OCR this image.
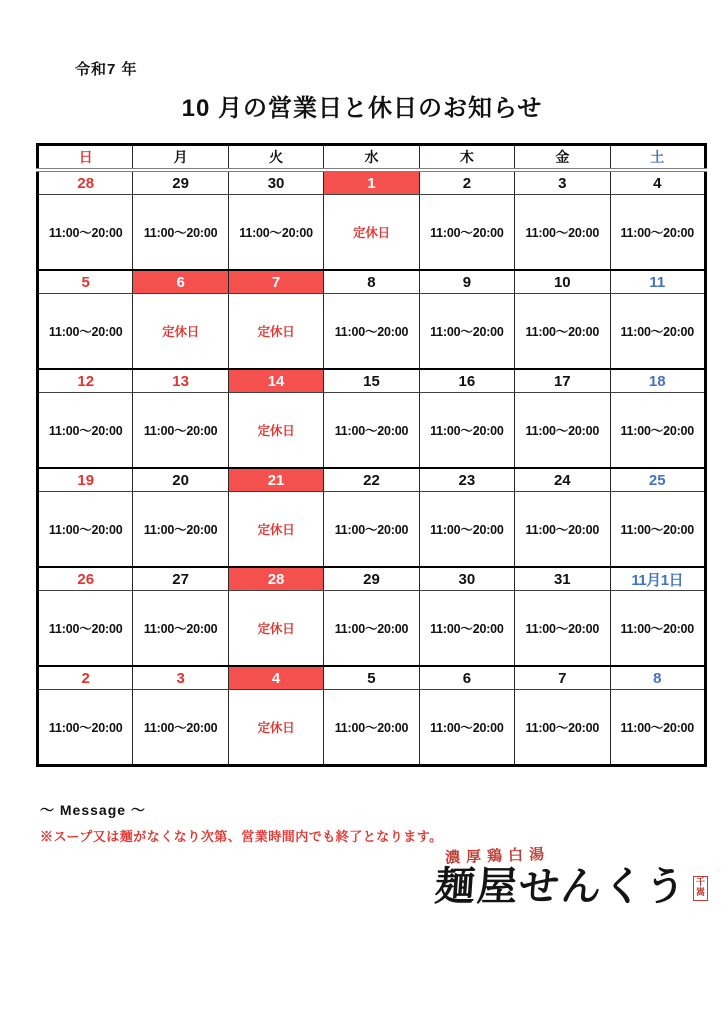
令和7 年
10 月の営業日と休日のお知らせ
日	月	火	水	木	金	土
28	29	30	1	2	3	4
11:00〜20:00	11:00〜20:00	11:00〜20:00	定休日	11:00〜20:00	11:00〜20:00	11:00〜20:00
5	6	7	8	9	10	11
11:00〜20:00	定休日	定休日	11:00〜20:00	11:00〜20:00	11:00〜20:00	11:00〜20:00
12	13	14	15	16	17	18
11:00〜20:00	11:00〜20:00	定休日	11:00〜20:00	11:00〜20:00	11:00〜20:00	11:00〜20:00
19	20	21	22	23	24	25
11:00〜20:00	11:00〜20:00	定休日	11:00〜20:00	11:00〜20:00	11:00〜20:00	11:00〜20:00
26	27	28	29	30	31	11月1日
11:00〜20:00	11:00〜20:00	定休日	11:00〜20:00	11:00〜20:00	11:00〜20:00	11:00〜20:00
2	3	4	5	6	7	8
11:00〜20:00	11:00〜20:00	定休日	11:00〜20:00	11:00〜20:00	11:00〜20:00	11:00〜20:00
〜 Message 〜
※スープ又は麺がなくなり次第、営業時間内でも終了となります。
濃厚鶏白湯
麺屋せんくう 千
嵩
